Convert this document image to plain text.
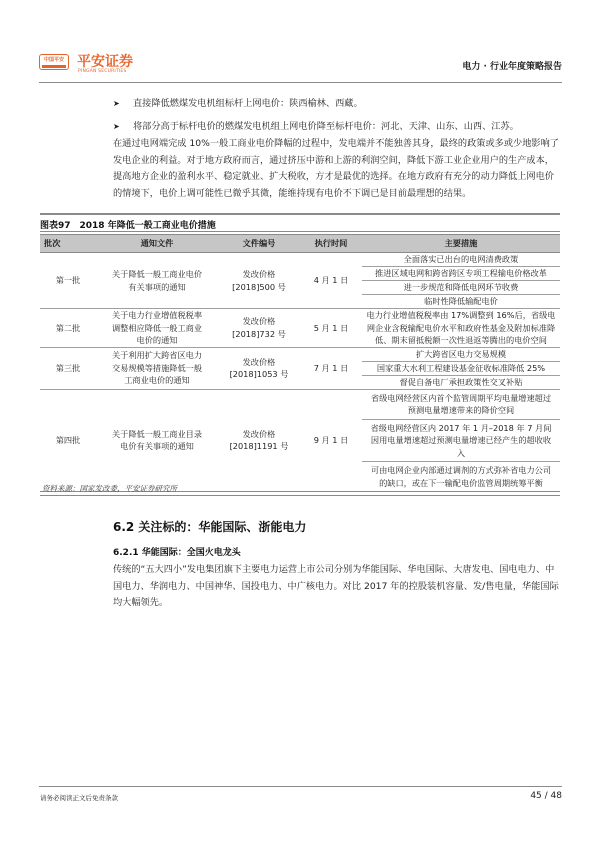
中国平安 平安证券
PINGAN SECURITIES	电力 · 行业年度策略报告
➤ 直接降低燃煤发电机组标杆上网电价：陕西榆林、西藏。
➤ 将部分高于标杆电价的燃煤发电机组上网电价降至标杆电价：河北、天津、山东、山西、江苏。
在通过电网端完成 10%一般工商业电价降幅的过程中，发电端并不能独善其身，最终的政策或多或少地影响了发电企业的利益。对于地方政府而言，通过挤压中游和上游的利润空间，降低下游工业企业用户的生产成本，提高地方企业的盈利水平、稳定就业、扩大税收，方才是最优的选择。在地方政府有充分的动力降低上网电价的情境下，电价上调可能性已微乎其微，能维持现有电价不下调已是目前最理想的结果。
图表97　2018 年降低一般工商业电价措施
批次	通知文件	文件编号	执行时间	主要措施
第一批	关于降低一般工商业电价有关事项的通知	发改价格 [2018]500 号	4 月 1 日	全面落实已出台的电网清费政策
				推进区域电网和跨省跨区专项工程输电价格改革
				进一步规范和降低电网环节收费
				临时性降低输配电价
第二批	关于电力行业增值税税率调整相应降低一般工商业电价的通知	发改价格 [2018]732 号	5 月 1 日	电力行业增值税税率由 17%调整到 16%后，省级电网企业含税输配电价水平和政府性基金及附加标准降低、期末留抵税额一次性退返等腾出的电价空间
第三批	关于利用扩大跨省区电力交易规模等措施降低一般工商业电价的通知	发改价格 [2018]1053 号	7 月 1 日	扩大跨省区电力交易规模
				国家重大水利工程建设基金征收标准降低 25%
				督促自备电厂承担政策性交叉补贴
第四批	关于降低一般工商业目录电价有关事项的通知	发改价格 [2018]1191 号	9 月 1 日	省级电网经营区内首个监管周期平均电量增速超过预测电量增速带来的降价空间
				省级电网经营区内 2017 年 1 月–2018 年 7 月间因用电量增速超过预测电量增速已经产生的超收收入
				可由电网企业内部通过调剂的方式弥补省电力公司的缺口，或在下一输配电价监管周期统筹平衡
资料来源：国家发改委，平安证券研究所
6.2 关注标的：华能国际、浙能电力
6.2.1 华能国际：全国火电龙头
传统的“五大四小”发电集团旗下主要电力运营上市公司分别为华能国际、华电国际、大唐发电、国电电力、中国电力、华润电力、中国神华、国投电力、中广核电力。对比 2017 年的控股装机容量、发/售电量，华能国际均大幅领先。
请务必阅读正文后免责条款	45 / 48
